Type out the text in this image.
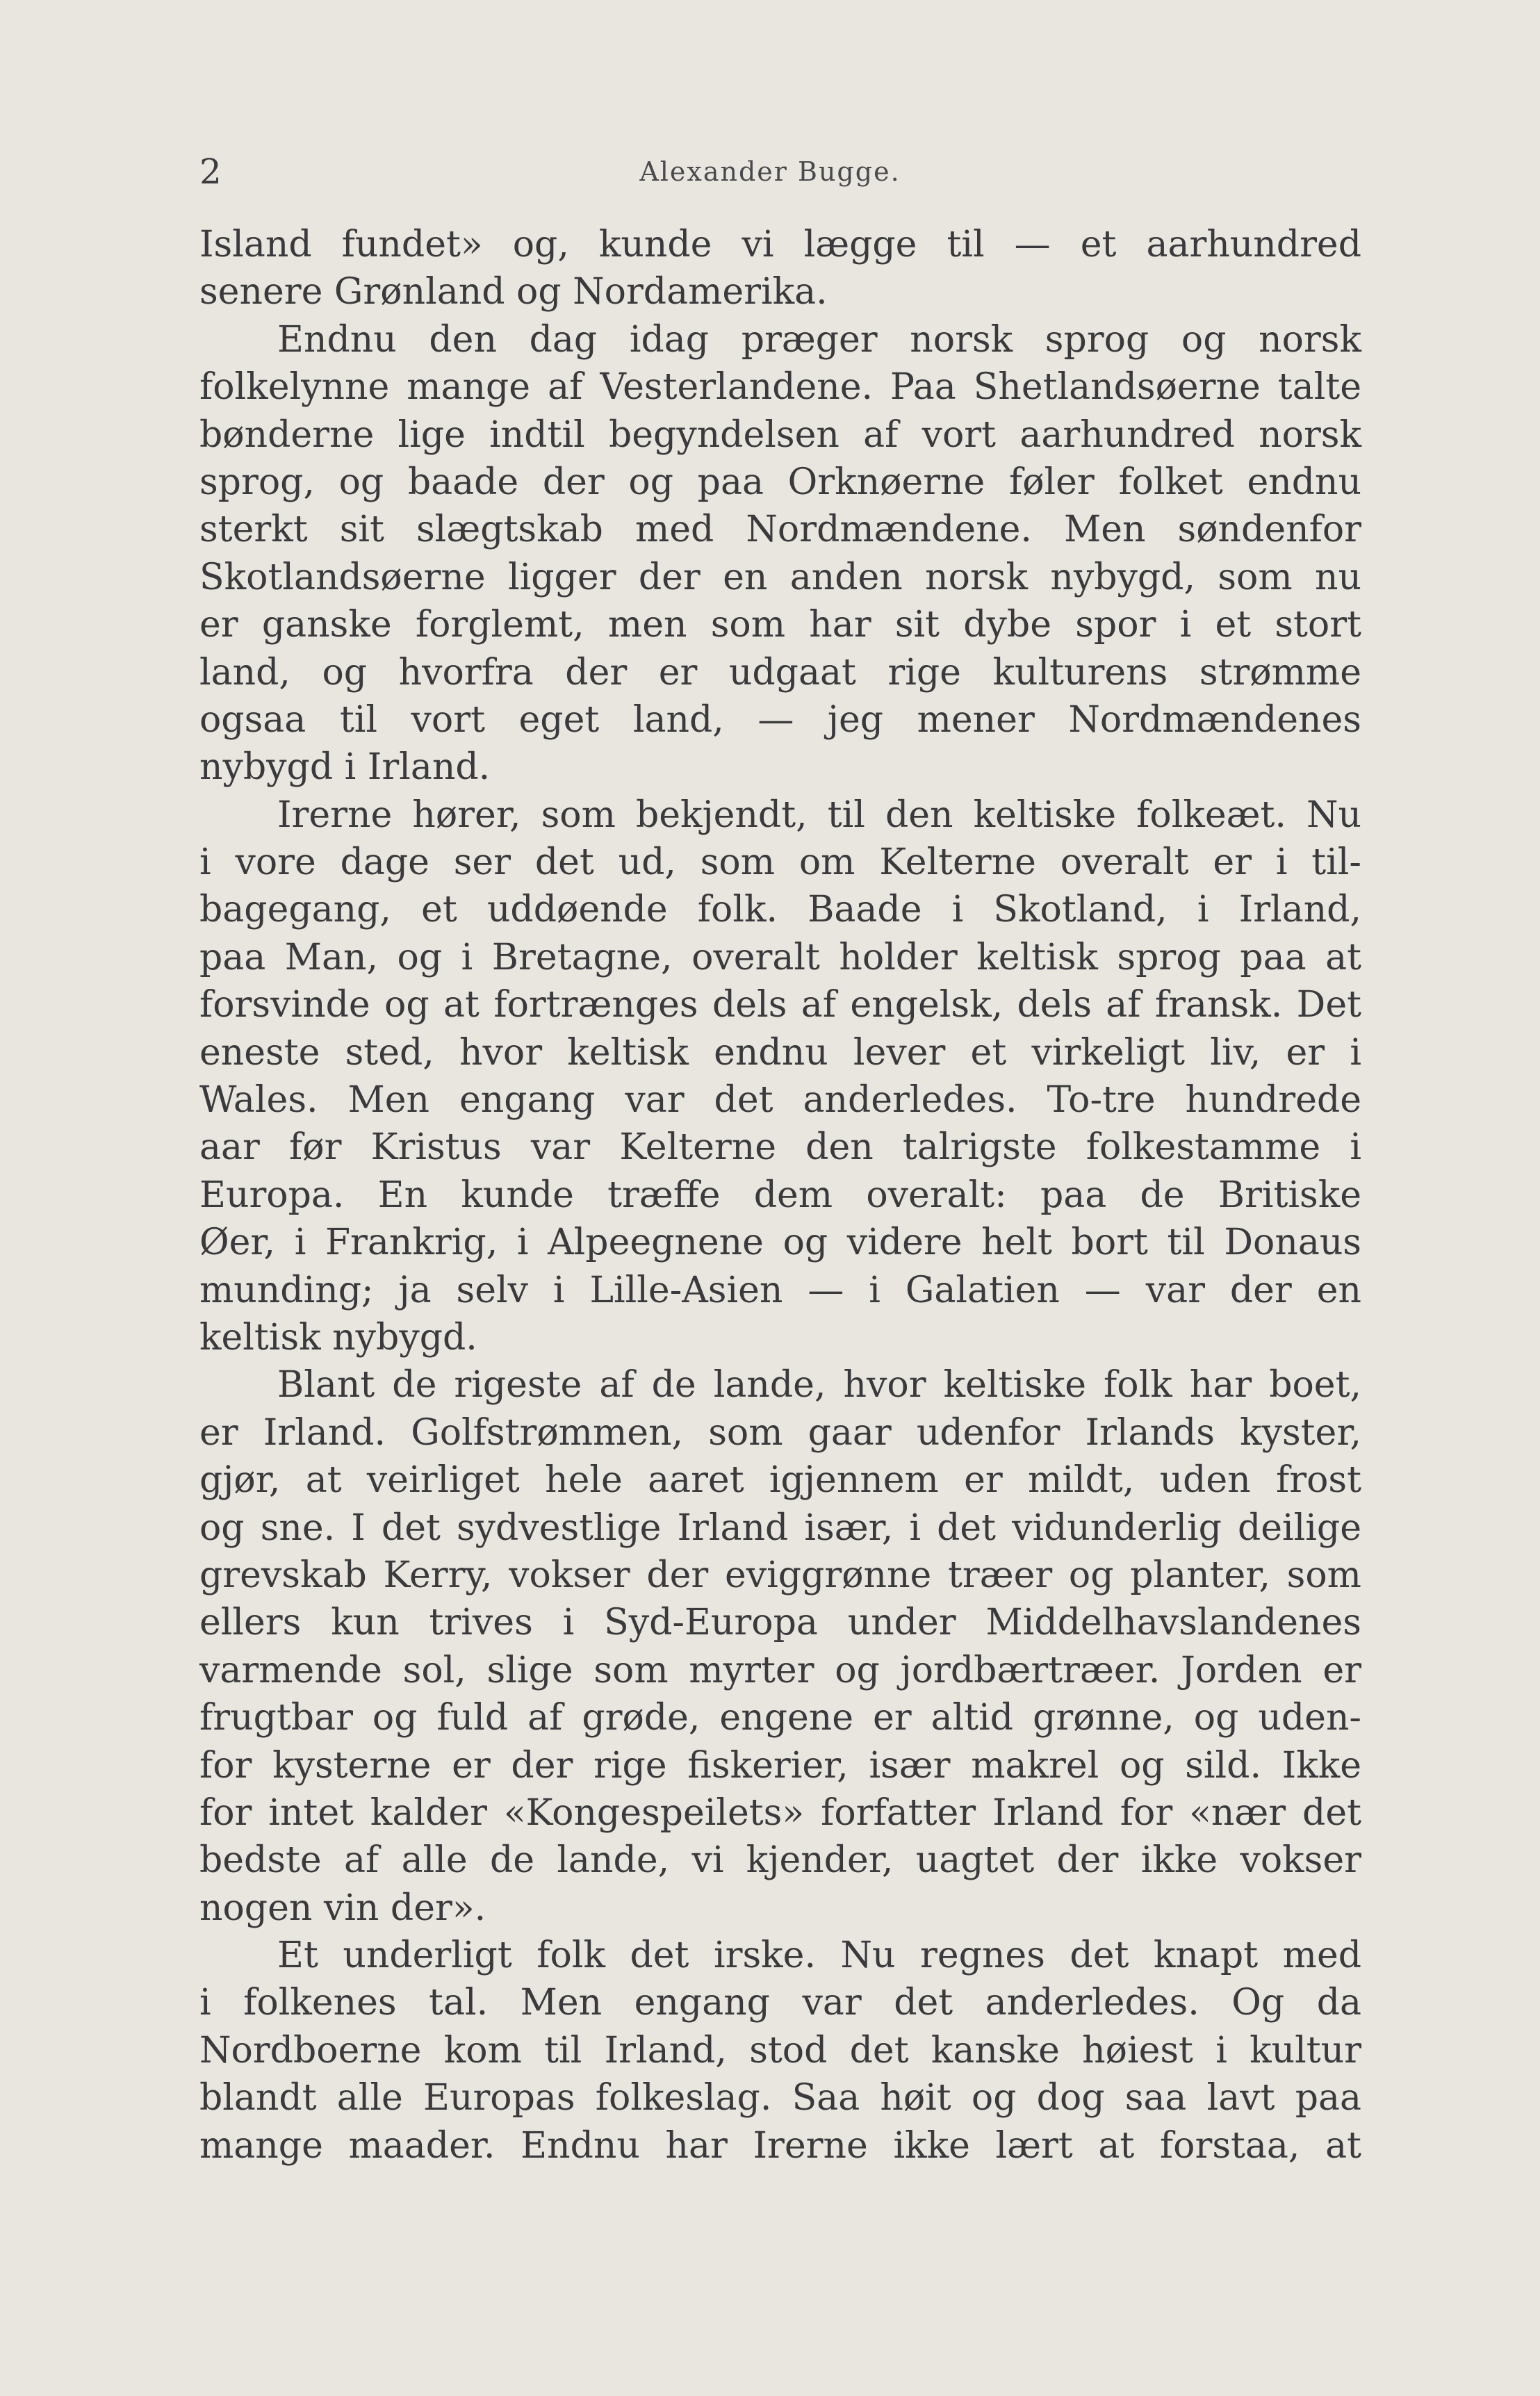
2	Alexander Bugge.
Island fundet» og, kunde vi lægge til — et aarhundred
senere Grønland og Nordamerika.
Endnu den dag idag præger norsk sprog og norsk
folkelynne mange af Vesterlandene. Paa Shetlandsøerne talte
bønderne lige indtil begyndelsen af vort aarhundred norsk
sprog, og baade der og paa Orknøerne føler folket endnu
sterkt sit slægtskab med Nordmændene. Men søndenfor
Skotlandsøerne ligger der en anden norsk nybygd, som nu
er ganske forglemt, men som har sit dybe spor i et stort
land, og hvorfra der er udgaat rige kulturens strømme
ogsaa til vort eget land, — jeg mener Nordmændenes
nybygd i Irland.
Irerne hører, som bekjendt, til den keltiske folkeæt. Nu
i vore dage ser det ud, som om Kelterne overalt er i til-
bagegang, et uddøende folk. Baade i Skotland, i Irland,
paa Man, og i Bretagne, overalt holder keltisk sprog paa at
forsvinde og at fortrænges dels af engelsk, dels af fransk. Det
eneste sted, hvor keltisk endnu lever et virkeligt liv, er i
Wales. Men engang var det anderledes. To-tre hundrede
aar før Kristus var Kelterne den talrigste folkestamme i
Europa. En kunde træffe dem overalt: paa de Britiske
Øer, i Frankrig, i Alpeegnene og videre helt bort til Donaus
munding; ja selv i Lille-Asien — i Galatien — var der en
keltisk nybygd.
Blant de rigeste af de lande, hvor keltiske folk har boet,
er Irland. Golfstrømmen, som gaar udenfor Irlands kyster,
gjør, at veirliget hele aaret igjennem er mildt, uden frost
og sne. I det sydvestlige Irland især, i det vidunderlig deilige
grevskab Kerry, vokser der eviggrønne træer og planter, som
ellers kun trives i Syd-Europa under Middelhavslandenes
varmende sol, slige som myrter og jordbærtræer. Jorden er
frugtbar og fuld af grøde, engene er altid grønne, og uden-
for kysterne er der rige fiskerier, især makrel og sild. Ikke
for intet kalder «Kongespeilets» forfatter Irland for «nær det
bedste af alle de lande, vi kjender, uagtet der ikke vokser
nogen vin der».
Et underligt folk det irske. Nu regnes det knapt med
i folkenes tal. Men engang var det anderledes. Og da
Nordboerne kom til Irland, stod det kanske høiest i kultur
blandt alle Europas folkeslag. Saa høit og dog saa lavt paa
mange maader. Endnu har Irerne ikke lært at forstaa, at
